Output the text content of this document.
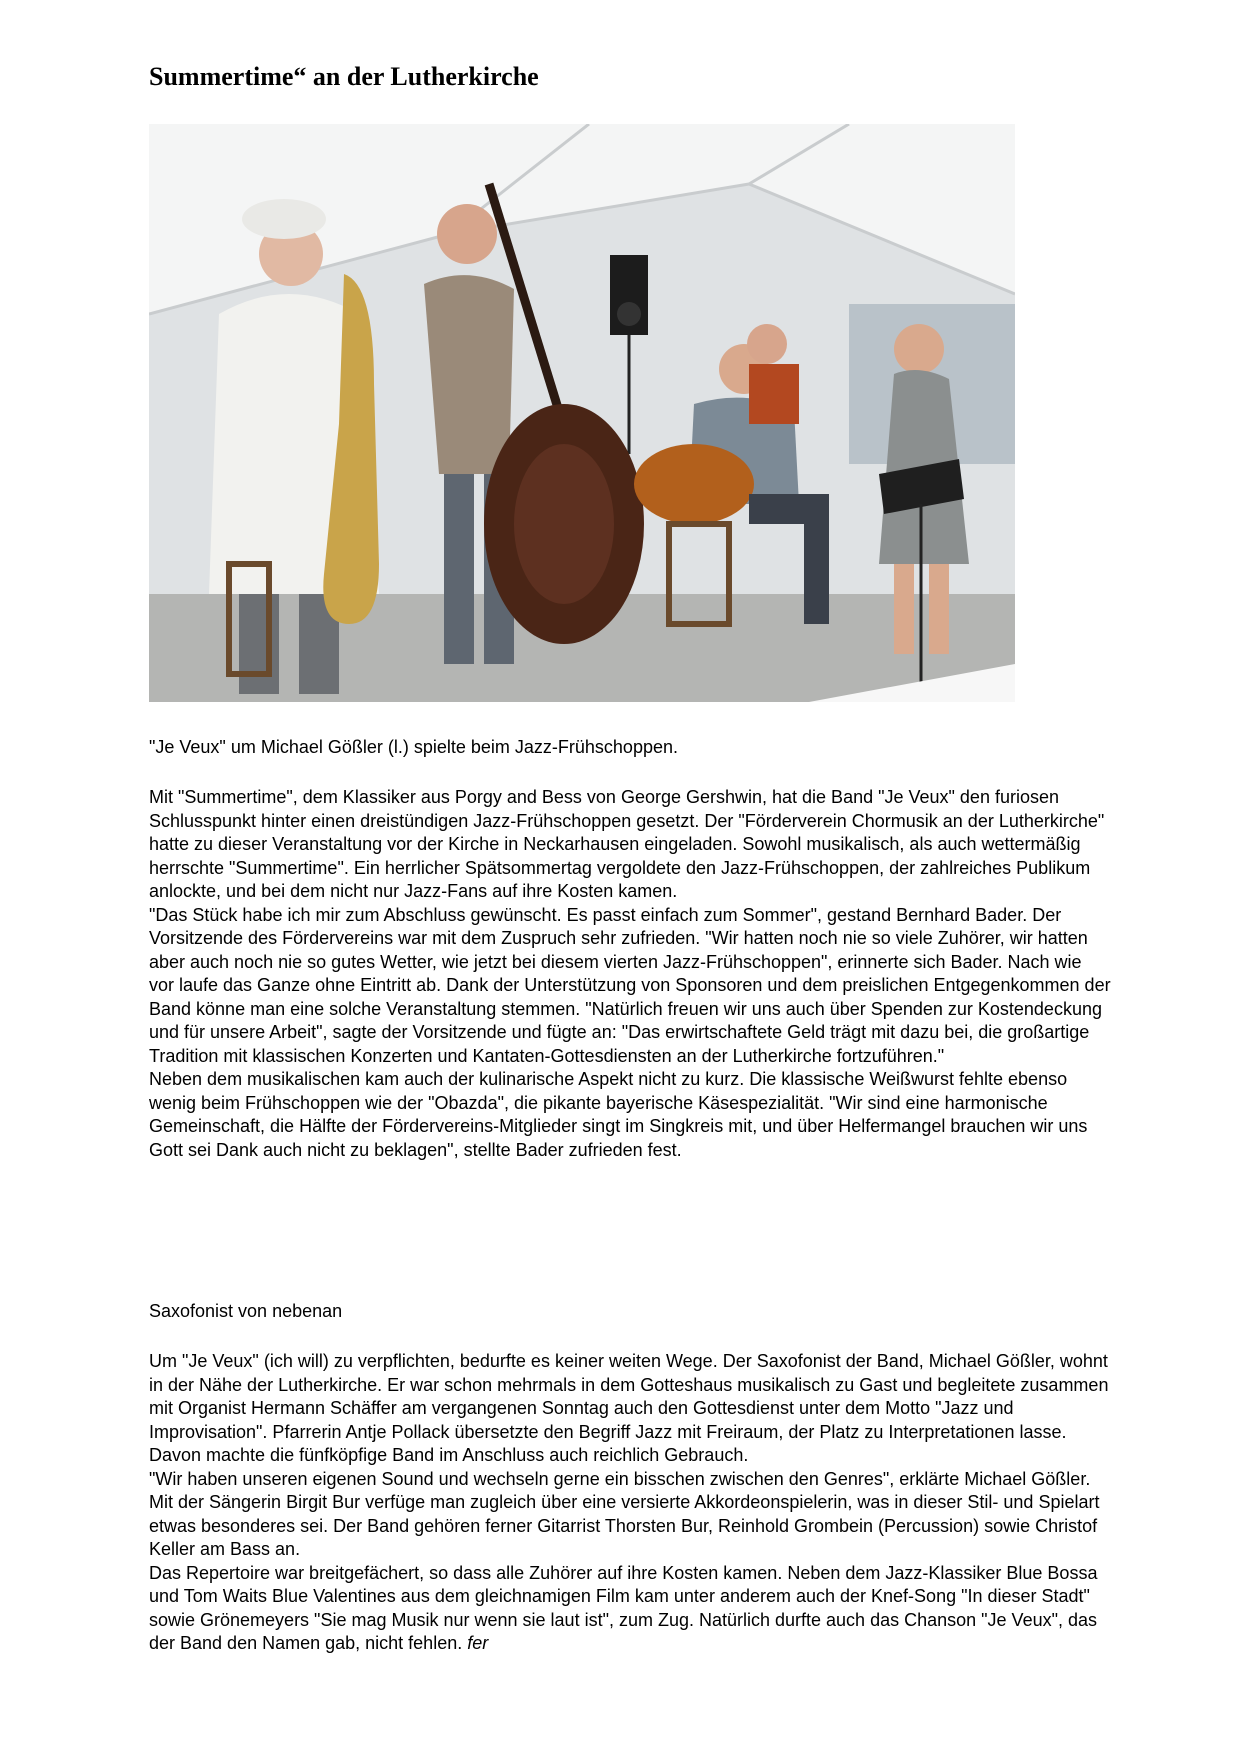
Summertime“ an der Lutherkirche
"Je Veux" um Michael Gößler (l.) spielte beim Jazz-Frühschoppen.

Mit "Summertime", dem Klassiker aus Porgy and Bess von George Gershwin, hat die Band "Je Veux" den furiosen Schlusspunkt hinter einen dreistündigen Jazz-Frühschoppen gesetzt. Der "Förderverein Chormusik an der Lutherkirche" hatte zu dieser Veranstaltung vor der Kirche in Neckarhausen eingeladen. Sowohl musikalisch, als auch wettermäßig herrschte "Summertime". Ein herrlicher Spätsommertag vergoldete den Jazz-Frühschoppen, der zahlreiches Publikum anlockte, und bei dem nicht nur Jazz-Fans auf ihre Kosten kamen.

"Das Stück habe ich mir zum Abschluss gewünscht. Es passt einfach zum Sommer", gestand Bernhard Bader. Der Vorsitzende des Fördervereins war mit dem Zuspruch sehr zufrieden. "Wir hatten noch nie so viele Zuhörer, wir hatten aber auch noch nie so gutes Wetter, wie jetzt bei diesem vierten Jazz-Frühschoppen", erinnerte sich Bader. Nach wie vor laufe das Ganze ohne Eintritt ab. Dank der Unterstützung von Sponsoren und dem preislichen Entgegenkommen der Band könne man eine solche Veranstaltung stemmen. "Natürlich freuen wir uns auch über Spenden zur Kostendeckung und für unsere Arbeit", sagte der Vorsitzende und fügte an: "Das erwirtschaftete Geld trägt mit dazu bei, die großartige Tradition mit klassischen Konzerten und Kantaten-Gottesdiensten an der Lutherkirche fortzuführen."

Neben dem musikalischen kam auch der kulinarische Aspekt nicht zu kurz. Die klassische Weißwurst fehlte ebenso wenig beim Frühschoppen wie der "Obazda", die pikante bayerische Käsespezialität. "Wir sind eine harmonische Gemeinschaft, die Hälfte der Fördervereins-Mitglieder singt im Singkreis mit, und über Helfermangel brauchen wir uns Gott sei Dank auch nicht zu beklagen", stellte Bader zufrieden fest.

Saxofonist von nebenan

Um "Je Veux" (ich will) zu verpflichten, bedurfte es keiner weiten Wege. Der Saxofonist der Band, Michael Gößler, wohnt in der Nähe der Lutherkirche. Er war schon mehrmals in dem Gotteshaus musikalisch zu Gast und begleitete zusammen mit Organist Hermann Schäffer am vergangenen Sonntag auch den Gottesdienst unter dem Motto "Jazz und Improvisation". Pfarrerin Antje Pollack übersetzte den Begriff Jazz mit Freiraum, der Platz zu Interpretationen lasse. Davon machte die fünfköpfige Band im Anschluss auch reichlich Gebrauch.

"Wir haben unseren eigenen Sound und wechseln gerne ein bisschen zwischen den Genres", erklärte Michael Gößler. Mit der Sängerin Birgit Bur verfüge man zugleich über eine versierte Akkordeonspielerin, was in dieser Stil- und Spielart etwas besonderes sei. Der Band gehören ferner Gitarrist Thorsten Bur, Reinhold Grombein (Percussion) sowie Christof Keller am Bass an.

Das Repertoire war breitgefächert, so dass alle Zuhörer auf ihre Kosten kamen. Neben dem Jazz-Klassiker Blue Bossa und Tom Waits Blue Valentines aus dem gleichnamigen Film kam unter anderem auch der Knef-Song "In dieser Stadt" sowie Grönemeyers "Sie mag Musik nur wenn sie laut ist", zum Zug. Natürlich durfte auch das Chanson "Je Veux", das der Band den Namen gab, nicht fehlen. fer
